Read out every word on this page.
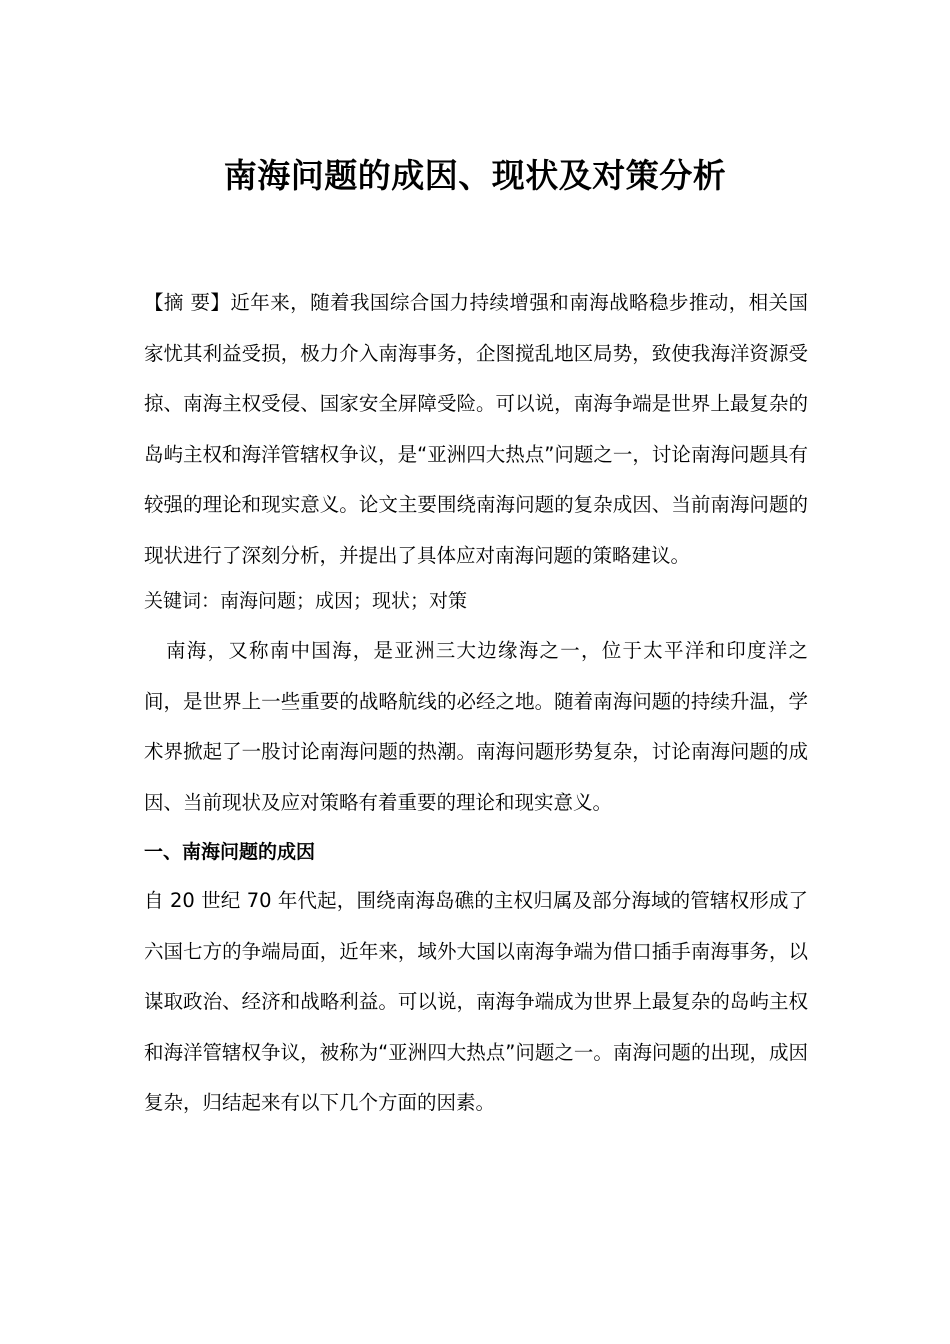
南海问题的成因、现状及对策分析
【摘 要】近年来，随着我国综合国力持续增强和南海战略稳步推动，相关国家忧其利益受损，极力介入南海事务，企图搅乱地区局势，致使我海洋资源受掠、南海主权受侵、国家安全屏障受险。可以说，南海争端是世界上最复杂的岛屿主权和海洋管辖权争议，是“亚洲四大热点”问题之一，讨论南海问题具有较强的理论和现实意义。论文主要围绕南海问题的复杂成因、当前南海问题的现状进行了深刻分析，并提出了具体应对南海问题的策略建议。
关键词：南海问题；成因；现状；对策
南海，又称南中国海，是亚洲三大边缘海之一，位于太平洋和印度洋之间，是世界上一些重要的战略航线的必经之地。随着南海问题的持续升温，学术界掀起了一股讨论南海问题的热潮。南海问题形势复杂，讨论南海问题的成因、当前现状及应对策略有着重要的理论和现实意义。
一、南海问题的成因
自 20 世纪 70 年代起，围绕南海岛礁的主权归属及部分海域的管辖权形成了六国七方的争端局面，近年来，域外大国以南海争端为借口插手南海事务，以谋取政治、经济和战略利益。可以说，南海争端成为世界上最复杂的岛屿主权和海洋管辖权争议，被称为“亚洲四大热点”问题之一。南海问题的出现，成因复杂，归结起来有以下几个方面的因素。
